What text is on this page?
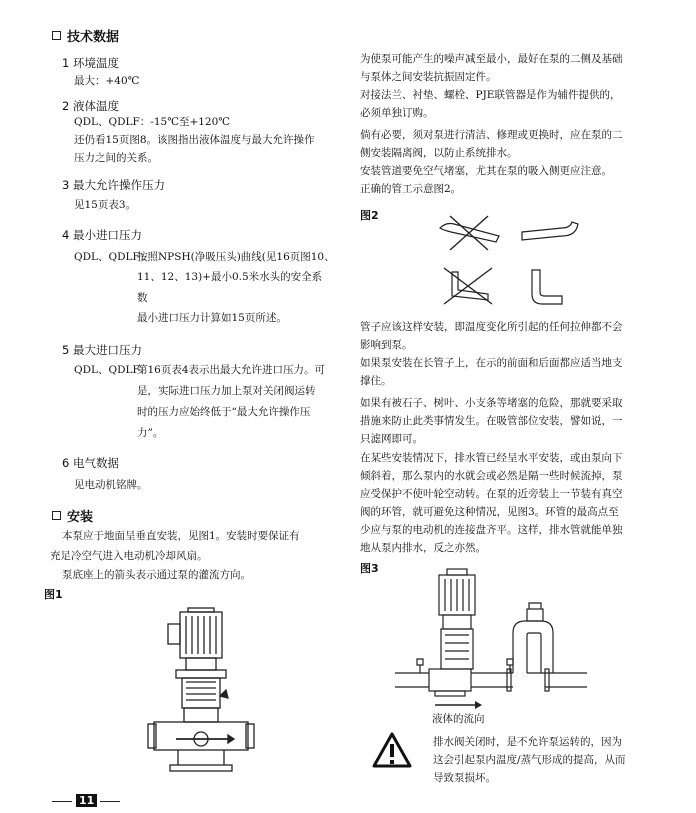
技术数据
1 环境温度
最大：+40℃
2 液体温度
QDL、QDLF：-15℃至+120℃
还仍看15页图8。该图指出液体温度与最大允许操作
压力之间的关系。
3 最大允许操作压力
见15页表3。
4 最小进口压力
QDL、QDLF：
按照NPSH(净吸压头)曲线(见16页图10、
11、12、13)+最小0.5米水头的安全系
数
最小进口压力计算如15页所述。
5 最大进口压力
QDL、QDLF：
第16页表4表示出最大允许进口压力。可
是，实际进口压力加上泵对关闭阀运转
时的压力应始终低于“最大允许操作压
力”。
6 电气数据
见电动机铭牌。
安装
本泵应于地面呈垂直安装，见图1。安装时要保证有
充足冷空气进入电动机冷却风扇。
泵底座上的箭头表示通过泵的灌流方向。
图1
11
为使泵可能产生的噪声减至最小，最好在泵的二侧及基础
与泵体之间安装抗振固定件。
对接法兰、衬垫、螺栓、PJE联管器是作为辅件提供的，
必须单独订购。
倘有必要，须对泵进行清洁、修理或更换时，应在泵的二
侧安装隔离阀，以防止系统排水。
安装管道要免空气堵塞，尤其在泵的吸入侧更应注意。
正确的管工示意图2。
图2
管子应该这样安装，即温度变化所引起的任何拉伸都不会
影响到泵。
如果泵安装在长管子上，在示的前面和后面都应适当地支
撑住。
如果有被石子、树叶、小支条等堵塞的危险，那就要采取
措施来防止此类事情发生。在吸管部位安装，譬如说，一
只滤网即可。
在某些安装情况下，排水管已经呈水平安装，或由泵向下
倾斜着，那么泵内的水就会或必然是隔一些时候流掉，泵
应受保护不使叶轮空动转。在泵的近旁装上一节装有真空
阀的环管，就可避免这种情况，见图3。环管的最高点至
少应与泵的电动机的连接盘齐平。这样，排水管就能单独
地从泵内排水，反之亦然。
图3
液体的流向
排水阀关闭时，是不允许泵运转的，因为
这会引起泵内温度/蒸气形成的提高，从而
导致泵损坏。
